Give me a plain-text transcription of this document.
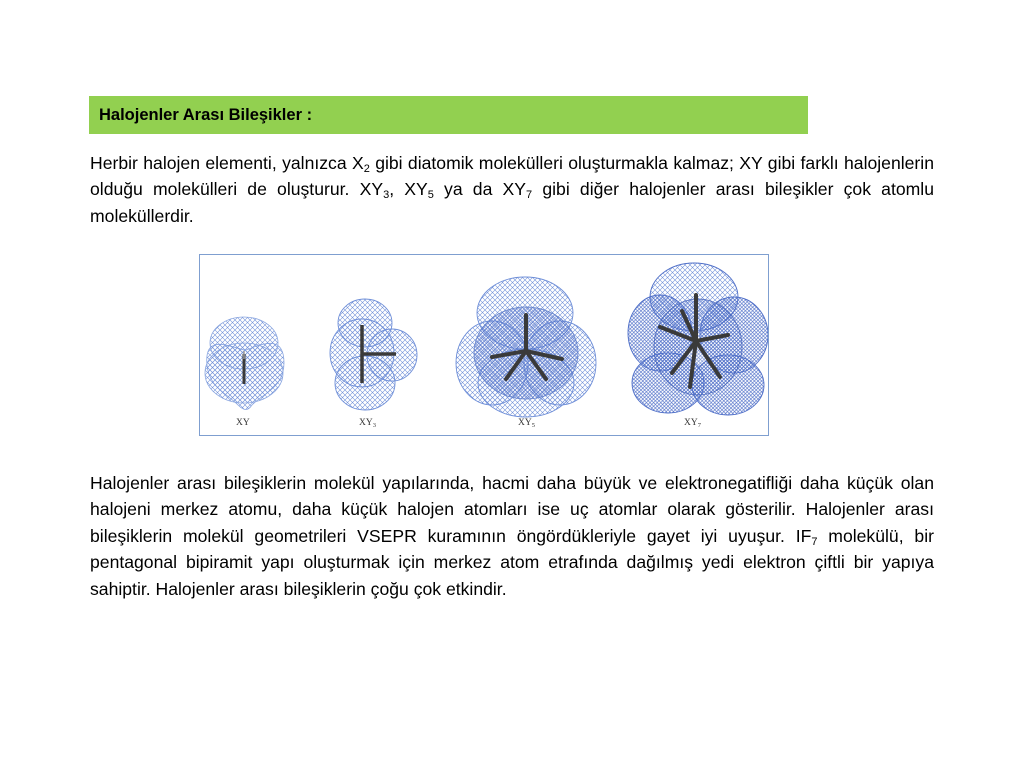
Halojenler Arası Bileşikler :

Herbir halojen elementi, yalnızca $X_2$ gibi diatomik molekülleri oluşturmakla kalmaz; XY gibi farklı halojenlerin olduğu molekülleri de oluşturur. $XY_3$, $XY_5$ ya da $XY_7$ gibi diğer halojenler arası bileşikler çok atomlu moleküllerdir.

XY	$XY_3$	$XY_5$	$XY_7$

Halojenler arası bileşiklerin molekül yapılarında, hacmi daha büyük ve elektronegatifliği daha küçük olan halojeni merkez atomu, daha küçük halojen atomları ise uç atomlar olarak gösterilir. Halojenler arası bileşiklerin molekül geometrileri VSEPR kuramının öngördükleriyle gayet iyi uyuşur. $IF_7$ molekülü, bir pentagonal bipiramit yapı oluşturmak için merkez atom etrafında dağılmış yedi elektron çiftli bir yapıya sahiptir. Halojenler arası bileşiklerin çoğu çok etkindir.
